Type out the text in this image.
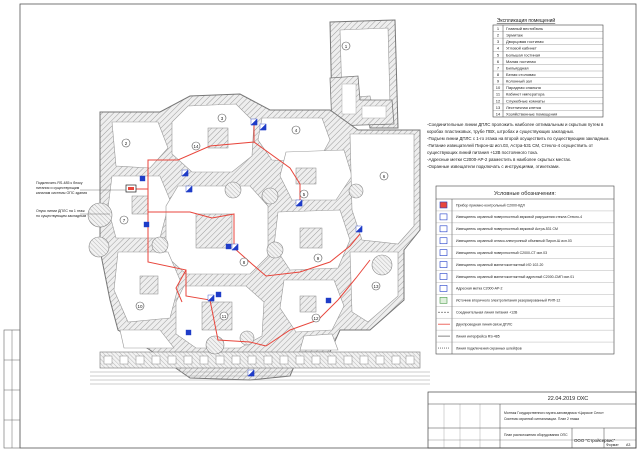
1
2
3
4
5
6
7
8
9
10
11	12
13
14
Подключить RS-485 к блоку
питания и существующим
каналам системы ОПС здания
Опуск линии ДПЛС на 1 этаж
по существующим закладным
Экспликация помещений
1 Главный вестибюль
2 Эрмитаж
3 Дворцовая гостиная
4 Угловой кабинет
5 Большая гостиная
6 Малая гостиная
7 Бильярдная
8 Белая столовая
9 Колонный зал
10 Парадная спальня
11 Кабинет императора
12 Служебные комнаты
13 Лестничная клетка
14 Хозяйственные помещения
-Соединительные линии ДПЛС проложить наиболее оптимальным и скрытым путем в
коробах пластиковых, трубе ПВХ, штробах и существующих закладных.
-Подъем линии ДПЛС с 1-го этажа на второй осуществить по существующим закладным.
-Питание извещателей Пирон-Ш исп.03, Астра-531 СМ, Стекло-4 осуществить от
существующих линий питания +12В постоянного тока.
-Адресные метки С2000-АР-2 разместить в наиболее скрытых местах.
-Охранные извещатели подключать с инструкциями, этикетками.
Условные обозначения:
Прибор приемно-контрольный С2000-КДЛ
Извещатель охранный поверхностный звуковой разрушения стекла Стекло-4
Извещатель охранный поверхностный звуковой Астра-531 СМ
Извещатель охранный оптико-электронный объемный Пирон-Ш исп.03
Извещатель охранный поверхностный С2000-СТ исп.03
Извещатель охранный магнитоконтактный ИО 102-20
Извещатель охранный магнитоконтактный адресный С2000-СМП исп.01
Адресная метка С2000-АР-2
Источник вторичного электропитания резервированный РИП-12
Соединительная линия питания +12В
Двухпроводная линия связи ДПЛС
Линия интерфейса RS-485
Линия подключения охранных шлейфов
22.04.2019 ОХС
Монтаж Государственного музея-заповедника «Царское Село»
Система охранной сигнализации. План 2 этажа
План расположения оборудования ОПС
ООО "Стройсервис"
Формат А3
